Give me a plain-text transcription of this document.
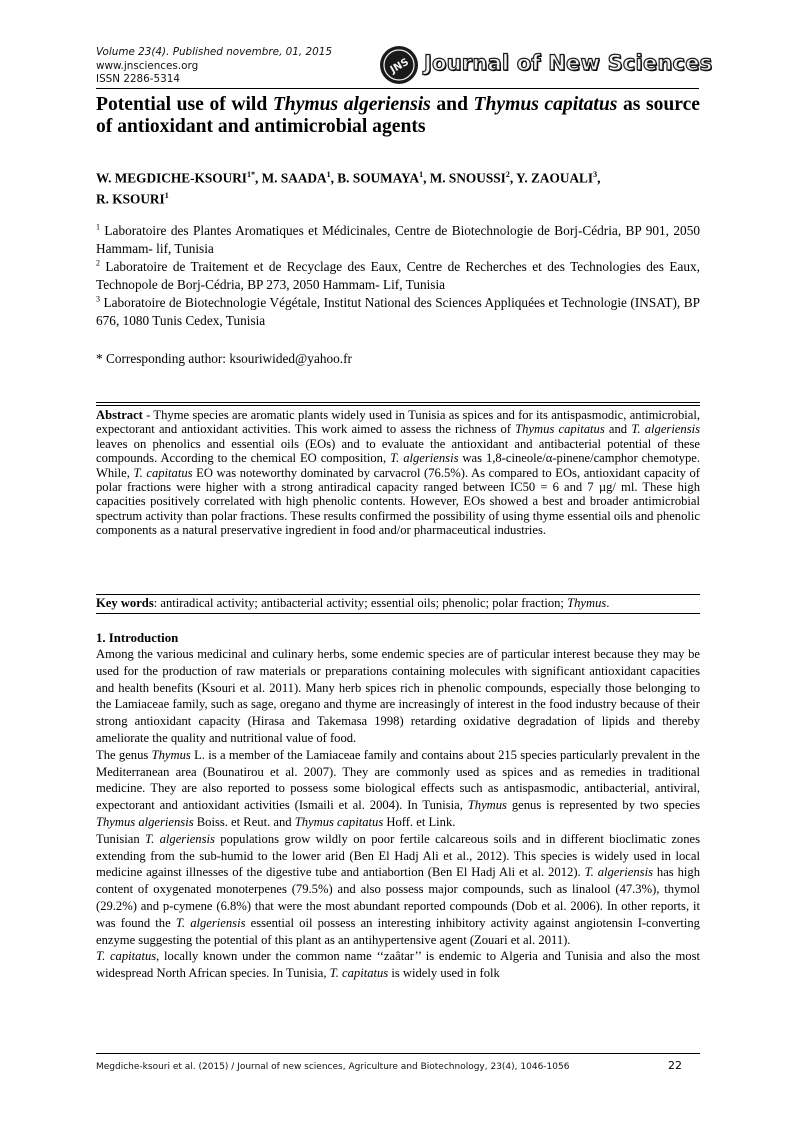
Volume 23(4). Published novembre, 01, 2015
www.jnsciences.org
ISSN 2286-5314
JNS Journal of New Sciences
Potential use of wild Thymus algeriensis and Thymus capitatus as source of antioxidant and antimicrobial agents

W. MEGDICHE-$KSOURI^{1*}$, M. SAADA$^1$, B. SOUMAYA$^1$, M. SNOUSSI$^2$, Y. ZAOUALI$^3$,
R. KSOURI$^1$

$^1$ Laboratoire des Plantes Aromatiques et Médicinales, Centre de Biotechnologie de Borj-Cédria, BP 901, 2050 Hammam- lif, Tunisia

$^2$ Laboratoire de Traitement et de Recyclage des Eaux, Centre de Recherches et des Technologies des Eaux, Technopole de Borj-Cédria, BP 273, 2050 Hammam- Lif, Tunisia

$^3$ Laboratoire de Biotechnologie Végétale, Institut National des Sciences Appliquées et Technologie (INSAT), BP 676, 1080 Tunis Cedex, Tunisia

* Corresponding author: ksouriwided@yahoo.fr

Abstract - Thyme species are aromatic plants widely used in Tunisia as spices and for its antispasmodic, antimicrobial, expectorant and antioxidant activities. This work aimed to assess the richness of Thymus capitatus and T. algeriensis leaves on phenolics and essential oils (EOs) and to evaluate the antioxidant and antibacterial potential of these compounds. According to the chemical EO composition, T. algeriensis was 1,8-cineole/α-pinene/camphor chemotype. While, T. capitatus EO was noteworthy dominated by carvacrol (76.5%). As compared to EOs, antioxidant capacity of polar fractions were higher with a strong antiradical capacity ranged between IC50 = 6 and 7 µg/ ml. These high capacities positively correlated with high phenolic contents. However, EOs showed a best and broader antimicrobial spectrum activity than polar fractions. These results confirmed the possibility of using thyme essential oils and phenolic components as a natural preservative ingredient in food and/or pharmaceutical industries.

Key words: antiradical activity; antibacterial activity; essential oils; phenolic; polar fraction; Thymus.

1. Introduction

Among the various medicinal and culinary herbs, some endemic species are of particular interest because they may be used for the production of raw materials or preparations containing molecules with significant antioxidant capacities and health benefits (Ksouri et al. 2011). Many herb spices rich in phenolic compounds, especially those belonging to the Lamiaceae family, such as sage, oregano and thyme are increasingly of interest in the food industry because of their strong antioxidant capacity (Hirasa and Takemasa 1998) retarding oxidative degradation of lipids and thereby ameliorate the quality and nutritional value of food.

The genus Thymus L. is a member of the Lamiaceae family and contains about 215 species particularly prevalent in the Mediterranean area (Bounatirou et al. 2007). They are commonly used as spices and as remedies in traditional medicine. They are also reported to possess some biological effects such as antispasmodic, antibacterial, antiviral, expectorant and antioxidant activities (Ismaili et al. 2004). In Tunisia, Thymus genus is represented by two species Thymus algeriensis Boiss. et Reut. and Thymus capitatus Hoff. et Link.

Tunisian T. algeriensis populations grow wildly on poor fertile calcareous soils and in different bioclimatic zones extending from the sub-humid to the lower arid (Ben El Hadj Ali et al., 2012). This species is widely used in local medicine against illnesses of the digestive tube and antiabortion (Ben El Hadj Ali et al. 2012). T. algeriensis has high content of oxygenated monoterpenes (79.5%) and also possess major compounds, such as linalool (47.3%), thymol (29.2%) and p-cymene (6.8%) that were the most abundant reported compounds (Dob et al. 2006). In other reports, it was found the T. algeriensis essential oil possess an interesting inhibitory activity against angiotensin I-converting enzyme suggesting the potential of this plant as an antihypertensive agent (Zouari et al. 2011).

T. capitatus, locally known under the common name ‘‘zaâtar’’ is endemic to Algeria and Tunisia and also the most widespread North African species. In Tunisia, T. capitatus is widely used in folk

Megdiche-ksouri et al. (2015) / Journal of new sciences, Agriculture and Biotechnology, 23(4), 1046-1056	22
